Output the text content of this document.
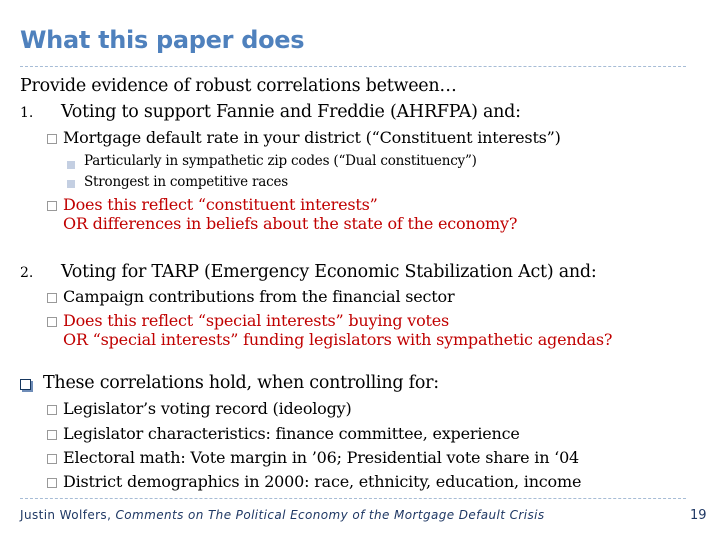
What this paper does
Provide evidence of robust correlations between…
1. Voting to support Fannie and Freddie (AHRFPA) and:
Mortgage default rate in your district (“Constituent interests”)
Particularly in sympathetic zip codes (“Dual constituency”)
Strongest in competitive races
Does this reflect “constituent interests”
OR differences in beliefs about the state of the economy?
2. Voting for TARP (Emergency Economic Stabilization Act) and:
Campaign contributions from the financial sector
Does this reflect “special interests” buying votes
OR “special interests” funding legislators with sympathetic agendas?
These correlations hold, when controlling for:
Legislator’s voting record (ideology)
Legislator characteristics: finance committee, experience
Electoral math: Vote margin in ’06; Presidential vote share in ‘04
District demographics in 2000: race, ethnicity, education, income
Justin Wolfers, Comments on The Political Economy of the Mortgage Default Crisis	19
